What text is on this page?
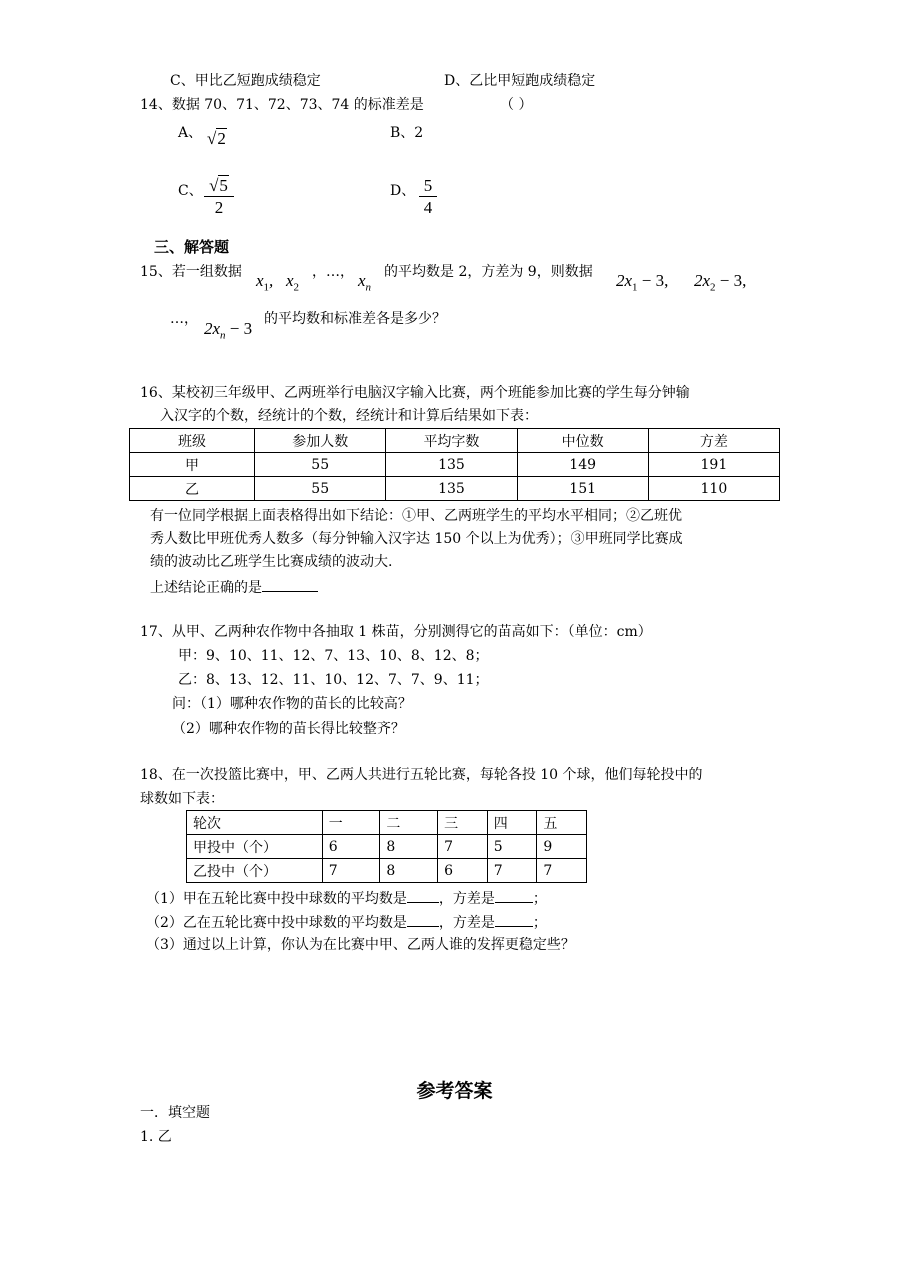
C、甲比乙短跑成绩稳定	D、乙比甲短跑成绩稳定
14、数据 70、71、72、73、74 的标准差是	（ ）
A、 √2	B、2
C、 $\frac{√5}{2}$	D、 $\frac{5}{4}$
三、解答题
15、若一组数据 $x_1$, $x_2$
，…， $x_n$
的平均数是 2，方差为 9，则数据 $2x_1 - 3$, $2x_2 - 3$,
…， $2x_n - 3$ 的平均数和标准差各是多少？
16、某校初三年级甲、乙两班举行电脑汉字输入比赛，两个班能参加比赛的学生每分钟输
入汉字的个数，经统计的个数，经统计和计算后结果如下表：
班级	参加人数	平均字数	中位数	方差
甲	55	135	149	191
乙	55	135	151	110
有一位同学根据上面表格得出如下结论：①甲、乙两班学生的平均水平相同；②乙班优
秀人数比甲班优秀人数多（每分钟输入汉字达 150 个以上为优秀）；③甲班同学比赛成
绩的波动比乙班学生比赛成绩的波动大.
上述结论正确的是
17、从甲、乙两种农作物中各抽取 1 株苗，分别测得它的苗高如下：（单位：cm）
甲：9、10、11、12、7、13、10、8、12、8；
乙：8、13、12、11、10、12、7、7、9、11；
问：（1）哪种农作物的苗长的比较高？
（2）哪种农作物的苗长得比较整齐？
18、在一次投篮比赛中，甲、乙两人共进行五轮比赛，每轮各投 10 个球，他们每轮投中的
球数如下表：
轮次	一	二	三	四	五
甲投中（个）	6	8	7	5	9
乙投中（个）	7	8	6	7	7
（1）甲在五轮比赛中投中球数的平均数是 ，方差是	；
（2）乙在五轮比赛中投中球数的平均数是 ，方差是	；
（3）通过以上计算，你认为在比赛中甲、乙两人谁的发挥更稳定些？
参考答案
一．填空题
1. 乙
